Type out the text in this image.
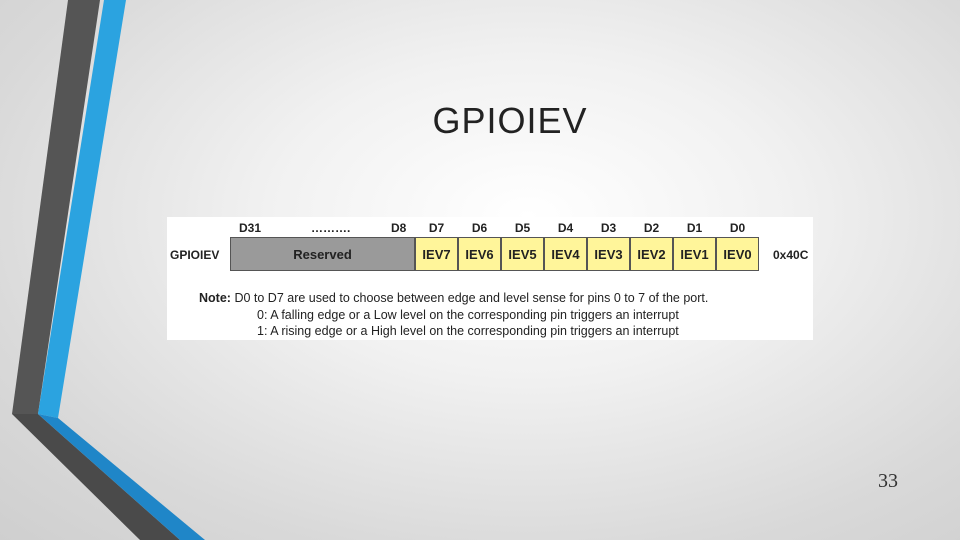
GPIOIEV
D31	……….	D8	D7	D6	D5	D4	D3	D2	D1	D0
GPIOIEV	Reserved	IEV7	IEV6	IEV5	IEV4	IEV3	IEV2	IEV1	IEV0	0x40C
Note: D0 to D7 are used to choose between edge and level sense for pins 0 to 7 of the port.
0: A falling edge or a Low level on the corresponding pin triggers an interrupt
1: A rising edge or a High level on the corresponding pin triggers an interrupt
33
